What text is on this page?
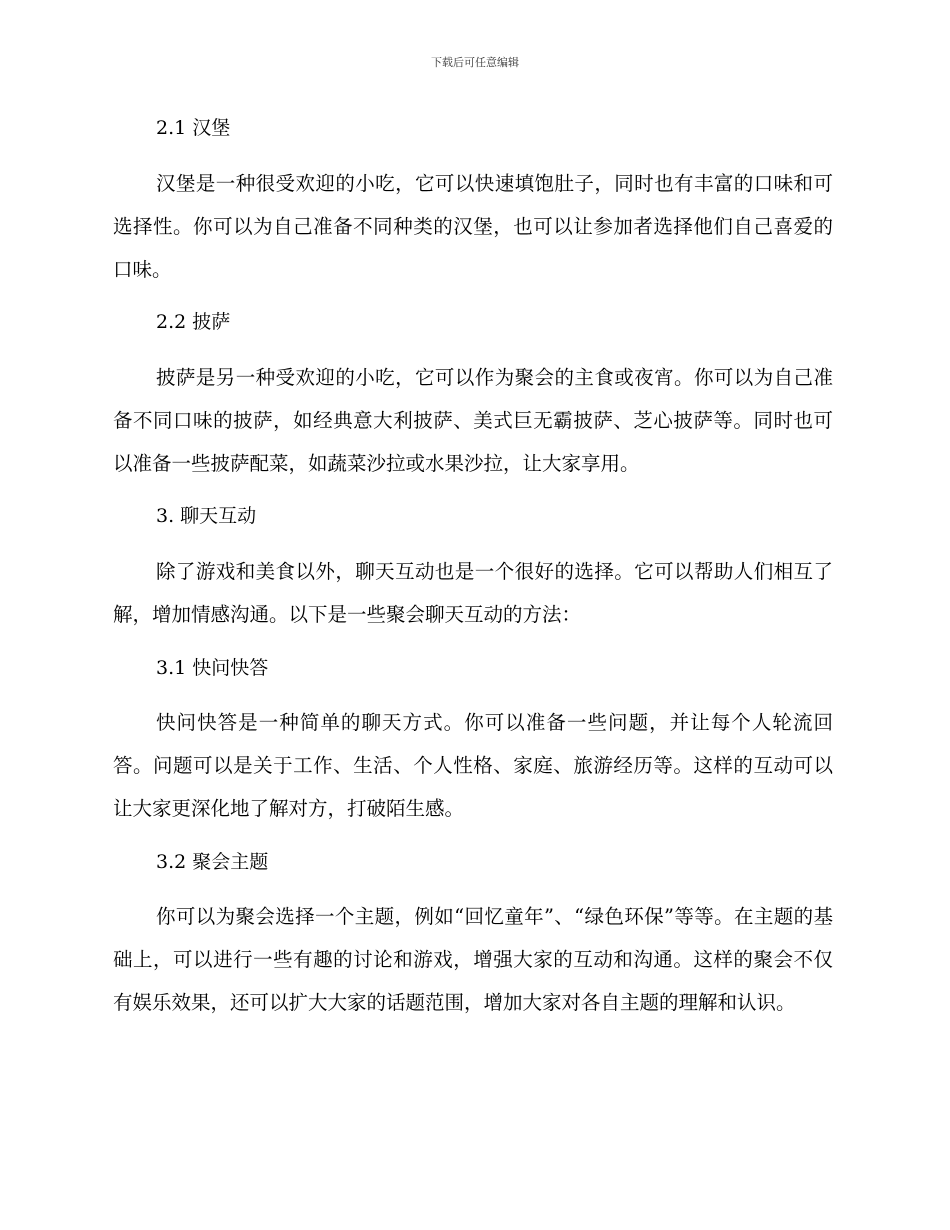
下载后可任意编辑
2.1 汉堡
汉堡是一种很受欢迎的小吃，它可以快速填饱肚子，同时也有丰富的口味和可选择性。你可以为自己准备不同种类的汉堡，也可以让参加者选择他们自己喜爱的口味。
2.2 披萨
披萨是另一种受欢迎的小吃，它可以作为聚会的主食或夜宵。你可以为自己准备不同口味的披萨，如经典意大利披萨、美式巨无霸披萨、芝心披萨等。同时也可以准备一些披萨配菜，如蔬菜沙拉或水果沙拉，让大家享用。
3. 聊天互动
除了游戏和美食以外，聊天互动也是一个很好的选择。它可以帮助人们相互了解，增加情感沟通。以下是一些聚会聊天互动的方法：
3.1 快问快答
快问快答是一种简单的聊天方式。你可以准备一些问题，并让每个人轮流回答。问题可以是关于工作、生活、个人性格、家庭、旅游经历等。这样的互动可以让大家更深化地了解对方，打破陌生感。
3.2 聚会主题
你可以为聚会选择一个主题，例如“回忆童年”、“绿色环保”等等。在主题的基础上，可以进行一些有趣的讨论和游戏，增强大家的互动和沟通。这样的聚会不仅有娱乐效果，还可以扩大大家的话题范围，增加大家对各自主题的理解和认识。
